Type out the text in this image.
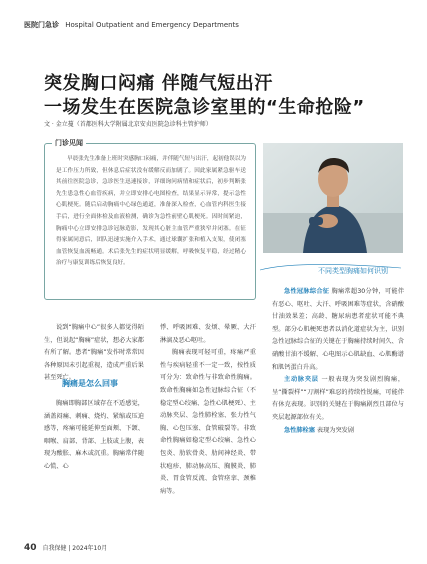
医院门急诊 Hospital Outpatient and Emergency Departments
突发胸口闷痛 伴随气短出汗
一场发生在医院急诊室里的“生命抢险”
文 · 金立蔓（首都医科大学附属北京安贞医院急诊科主管护师）
门诊见闻
早晨张先生准备上班时突感胸口闷痛，并伴随气短与出汗，起初他误以为是工作压力所致，但休息后症状没有缓解反而加剧了。因此家属紧急驱车送其前往医院急诊，急诊医生迅速接诊，详细询问病情和症状后，初步判断张先生患急性心血管疾病，并立即安排心电图检查，结果显示异常，提示急性心肌梗死。随后启动胸痛中心绿色通道，准备深入检查，心血管内科医生接手后，进行全面体检及血液检测，确诊为急性前壁心肌梗死。因时间紧迫，胸痛中心立即安排急诊冠脉造影，发现其心脏主血管严重狭窄并闭塞。在征得家属同意后，团队迅速实施介入手术，通过球囊扩张和植入支架，使闭塞血管恢复血流畅通。术后张先生的症状明显缓解，呼吸恢复平稳，经过精心治疗与康复训练后恢复良好。
不同类型胸痛如何识别

说到“胸痛中心”很多人都觉得陌生，但说起“胸痛”症状，想必大家都有所了解。患者“胸痛”发作时常常因各种原因未引起重视，造成严重后果甚至死亡。

胸痛是怎么回事

胸痛即胸部区域存在不适感觉，涵盖闷痛、刺痛、烧灼、紧缩或压迫感等，疼痛可能延伸至面颊、下颌、咽喉、肩部、背部、上肢或上腹，表现为酸胀、麻木或沉重。胸痛常伴随心慌、心

悸、呼吸困难、发烦、晕厥、大汗淋漓及恶心呕吐。

胸痛表现可轻可重，疼痛严重性与疾病轻重不一定一致，按性质可分为：致命性与非致命性胸痛。致命性胸痛如急性冠脉综合征（不稳定型心绞痛、急性心肌梗死）、主动脉夹层、急性肺栓塞、张力性气胸、心包压塞、食管破裂等。非致命性胸痛如稳定型心绞痛、急性心包炎、肋软骨炎、肋间神经炎、带状疱疹、肺动脉高压、胸膜炎、肺炎、胃食管反流、食管痉挛、颈椎病等。

急性冠脉综合征 胸痛常超30分钟，可能伴有恶心、呕吐、大汗、呼吸困难等症状，含硝酸甘油效果差；高龄、糖尿病患者症状可能不典型。部分心肌梗死患者以消化道症状为主，识别急性冠脉综合征的关键在于胸痛持续时间久、含硝酸甘油不缓解、心电图示心肌缺血、心肌酶谱和肌钙蛋白升高。

主动脉夹层 一般表现为突发剧烈胸痛，呈“撕裂样”“刀割样”难忍的持续性锐痛，可能伴有休克表现。识别的关键在于胸痛剧烈且部位与夹层起源部位有关。

急性肺栓塞 表现为突发剧

40 自我保健 | 2024年10月
